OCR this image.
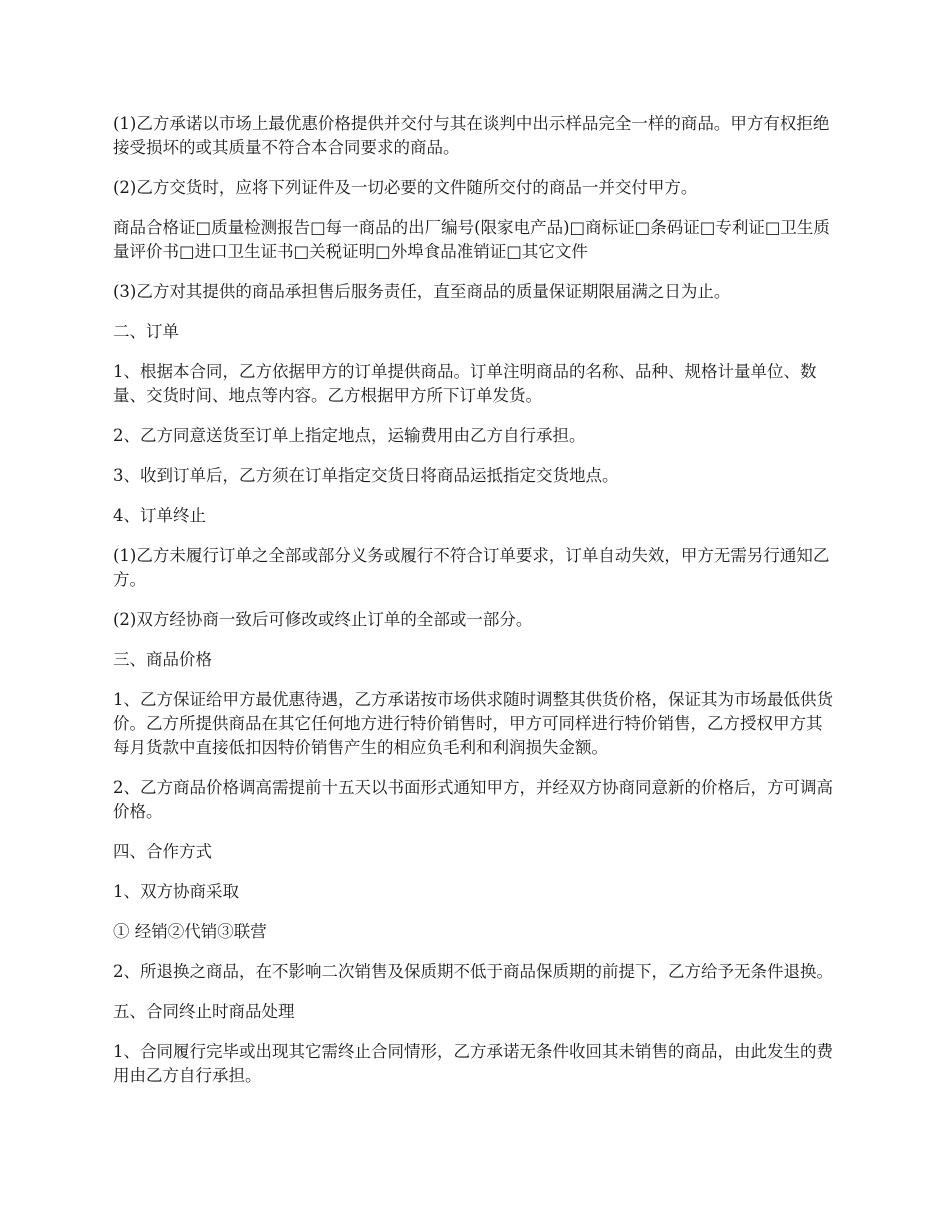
(1)乙方承诺以市场上最优惠价格提供并交付与其在谈判中出示样品完全一样的商品。甲方有权拒绝接受损坏的或其质量不符合本合同要求的商品。

(2)乙方交货时，应将下列证件及一切必要的文件随所交付的商品一并交付甲方。

商品合格证□质量检测报告□每一商品的出厂编号(限家电产品)□商标证□条码证□专利证□卫生质量评价书□进口卫生证书□关税证明□外埠食品准销证□其它文件

(3)乙方对其提供的商品承担售后服务责任，直至商品的质量保证期限届满之日为止。

二、订单

1、根据本合同，乙方依据甲方的订单提供商品。订单注明商品的名称、品种、规格计量单位、数量、交货时间、地点等内容。乙方根据甲方所下订单发货。

2、乙方同意送货至订单上指定地点，运输费用由乙方自行承担。

3、收到订单后，乙方须在订单指定交货日将商品运抵指定交货地点。

4、订单终止

(1)乙方未履行订单之全部或部分义务或履行不符合订单要求，订单自动失效，甲方无需另行通知乙方。

(2)双方经协商一致后可修改或终止订单的全部或一部分。

三、商品价格

1、乙方保证给甲方最优惠待遇，乙方承诺按市场供求随时调整其供货价格，保证其为市场最低供货价。乙方所提供商品在其它任何地方进行特价销售时，甲方可同样进行特价销售，乙方授权甲方其每月货款中直接低扣因特价销售产生的相应负毛利和利润损失金额。

2、乙方商品价格调高需提前十五天以书面形式通知甲方，并经双方协商同意新的价格后，方可调高价格。

四、合作方式

1、双方协商采取

① 经销②代销③联营

2、所退换之商品，在不影响二次销售及保质期不低于商品保质期的前提下，乙方给予无条件退换。

五、合同终止时商品处理

1、合同履行完毕或出现其它需终止合同情形，乙方承诺无条件收回其未销售的商品，由此发生的费用由乙方自行承担。
